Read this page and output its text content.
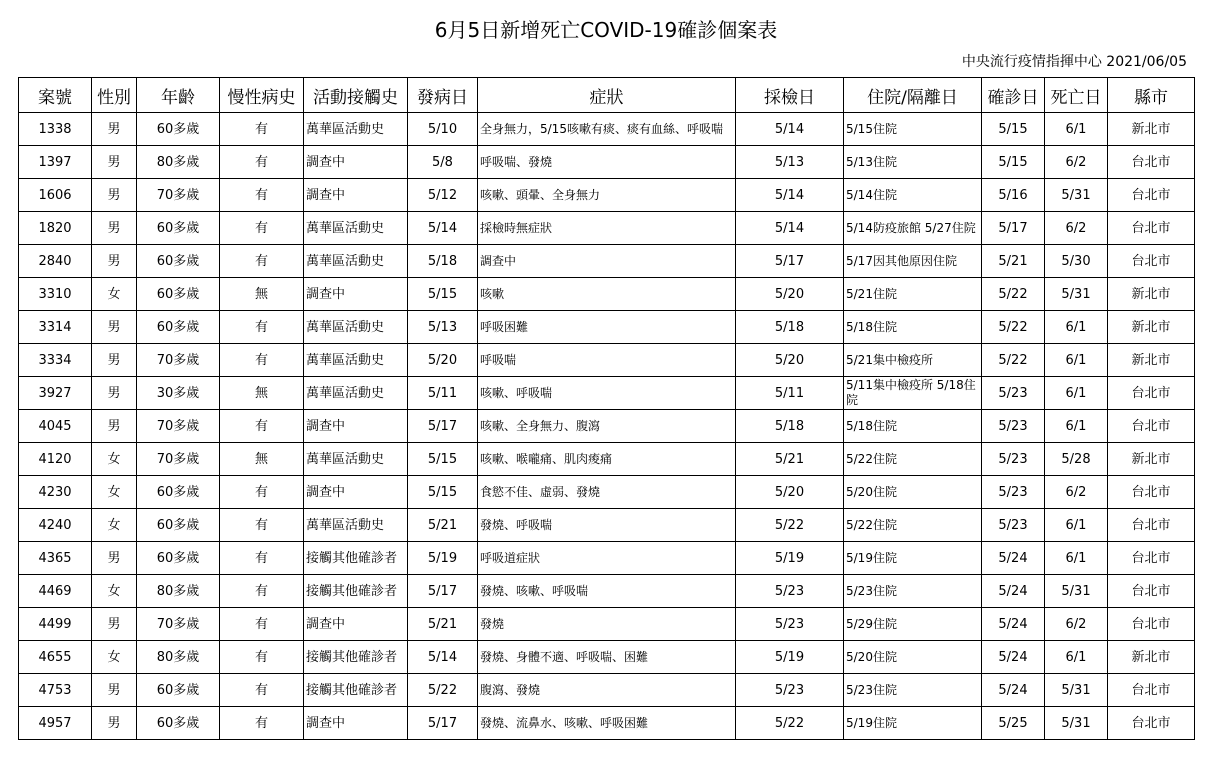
6月5日新增死亡COVID-19確診個案表
中央流行疫情指揮中心 2021/06/05
案號	性別	年齡	慢性病史	活動接觸史	發病日	症狀	採檢日	住院/隔離日	確診日	死亡日	縣市
1338	男	60多歲	有	萬華區活動史	5/10	全身無力，5/15咳嗽有痰、痰有血絲、呼吸喘	5/14	5/15住院	5/15	6/1	新北市
1397	男	80多歲	有	調查中	5/8	呼吸喘、發燒	5/13	5/13住院	5/15	6/2	台北市
1606	男	70多歲	有	調查中	5/12	咳嗽、頭暈、全身無力	5/14	5/14住院	5/16	5/31	台北市
1820	男	60多歲	有	萬華區活動史	5/14	採檢時無症狀	5/14	5/14防疫旅館 5/27住院	5/17	6/2	台北市
2840	男	60多歲	有	萬華區活動史	5/18	調查中	5/17	5/17因其他原因住院	5/21	5/30	台北市
3310	女	60多歲	無	調查中	5/15	咳嗽	5/20	5/21住院	5/22	5/31	新北市
3314	男	60多歲	有	萬華區活動史	5/13	呼吸困難	5/18	5/18住院	5/22	6/1	新北市
3334	男	70多歲	有	萬華區活動史	5/20	呼吸喘	5/20	5/21集中檢疫所	5/22	6/1	新北市
3927	男	30多歲	無	萬華區活動史	5/11	咳嗽、呼吸喘	5/11	5/11集中檢疫所 5/18住院	5/23	6/1	台北市
4045	男	70多歲	有	調查中	5/17	咳嗽、全身無力、腹瀉	5/18	5/18住院	5/23	6/1	台北市
4120	女	70多歲	無	萬華區活動史	5/15	咳嗽、喉嚨痛、肌肉痠痛	5/21	5/22住院	5/23	5/28	新北市
4230	女	60多歲	有	調查中	5/15	食慾不佳、虛弱、發燒	5/20	5/20住院	5/23	6/2	台北市
4240	女	60多歲	有	萬華區活動史	5/21	發燒、呼吸喘	5/22	5/22住院	5/23	6/1	台北市
4365	男	60多歲	有	接觸其他確診者	5/19	呼吸道症狀	5/19	5/19住院	5/24	6/1	台北市
4469	女	80多歲	有	接觸其他確診者	5/17	發燒、咳嗽、呼吸喘	5/23	5/23住院	5/24	5/31	台北市
4499	男	70多歲	有	調查中	5/21	發燒	5/23	5/29住院	5/24	6/2	台北市
4655	女	80多歲	有	接觸其他確診者	5/14	發燒、身體不適、呼吸喘、困難	5/19	5/20住院	5/24	6/1	新北市
4753	男	60多歲	有	接觸其他確診者	5/22	腹瀉、發燒	5/23	5/23住院	5/24	5/31	台北市
4957	男	60多歲	有	調查中	5/17	發燒、流鼻水、咳嗽、呼吸困難	5/22	5/19住院	5/25	5/31	台北市
